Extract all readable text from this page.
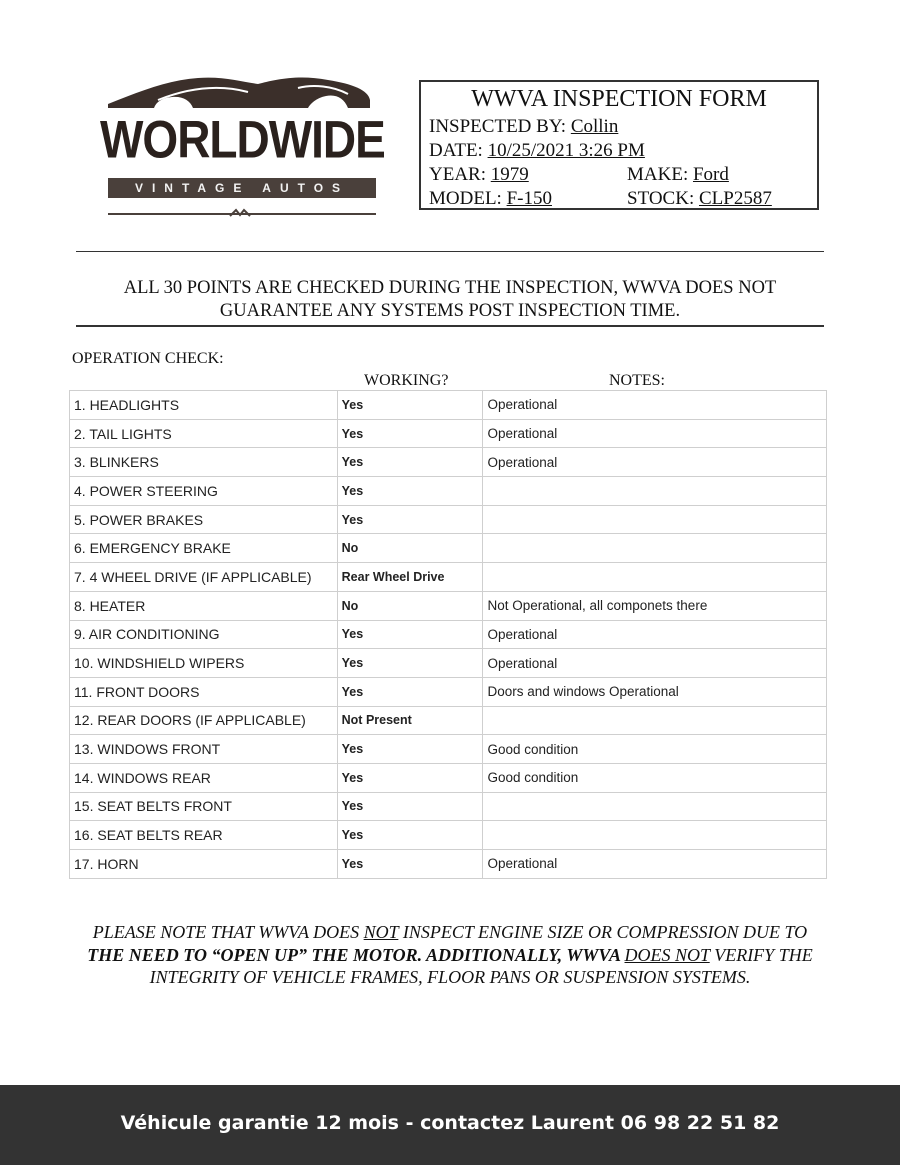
WORLDWIDE
VINTAGE AUTOS
WWVA INSPECTION FORM
INSPECTED BY: Collin
DATE: 10/25/2021 3:26 PM
YEAR: 1979	MAKE: Ford
MODEL: F-150	STOCK: CLP2587
ALL 30 POINTS ARE CHECKED DURING THE INSPECTION, WWVA DOES NOT
GUARANTEE ANY SYSTEMS POST INSPECTION TIME.
OPERATION CHECK:
WORKING?	NOTES:
1. HEADLIGHTS	Yes	Operational
2. TAIL LIGHTS	Yes	Operational
3. BLINKERS	Yes	Operational
4. POWER STEERING	Yes
5. POWER BRAKES	Yes
6. EMERGENCY BRAKE	No
7. 4 WHEEL DRIVE (IF APPLICABLE)	Rear Wheel Drive
8. HEATER	No	Not Operational, all componets there
9. AIR CONDITIONING	Yes	Operational
10. WINDSHIELD WIPERS	Yes	Operational
11. FRONT DOORS	Yes	Doors and windows Operational
12. REAR DOORS (IF APPLICABLE)	Not Present
13. WINDOWS FRONT	Yes	Good condition
14. WINDOWS REAR	Yes	Good condition
15. SEAT BELTS FRONT	Yes
16. SEAT BELTS REAR	Yes
17. HORN	Yes	Operational
PLEASE NOTE THAT WWVA DOES NOT INSPECT ENGINE SIZE OR COMPRESSION DUE TO
THE NEED TO “OPEN UP” THE MOTOR. ADDITIONALLY, WWVA DOES NOT VERIFY THE
INTEGRITY OF VEHICLE FRAMES, FLOOR PANS OR SUSPENSION SYSTEMS.
Véhicule garantie 12 mois - contactez Laurent 06 98 22 51 82
